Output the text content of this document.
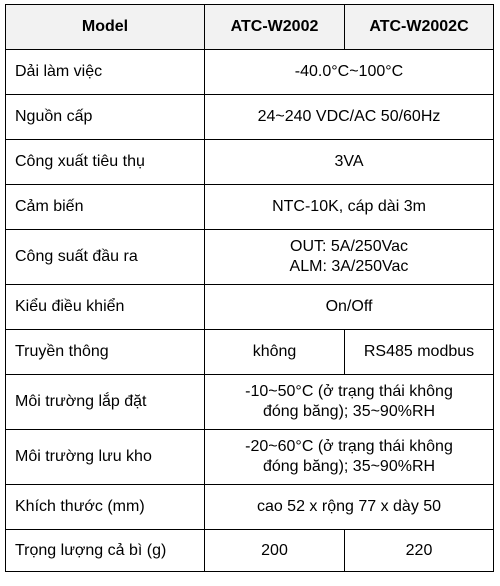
Model	ATC-W2002	ATC-W2002C
Dải làm việc	-40.0°C~100°C	
Nguồn cấp	24~240 VDC/AC 50/60Hz	
Công xuất tiêu thụ	3VA	
Cảm biến	NTC-10K, cáp dài 3m	
Công suất đầu ra	OUT: 5A/250Vac
ALM: 3A/250Vac	

Kiểu điều khiển	On/Off	
Truyền thông	không	RS485 modbus
Môi trường lắp đặt	-10~50°C (ở trạng thái không
đóng băng); 35~90%RH	

Môi trường lưu kho	-20~60°C (ở trạng thái không
đóng băng); 35~90%RH	

Khích thước (mm)	cao 52 x rộng 77 x dày 50	
Trọng lượng cả bì (g)	200	220
